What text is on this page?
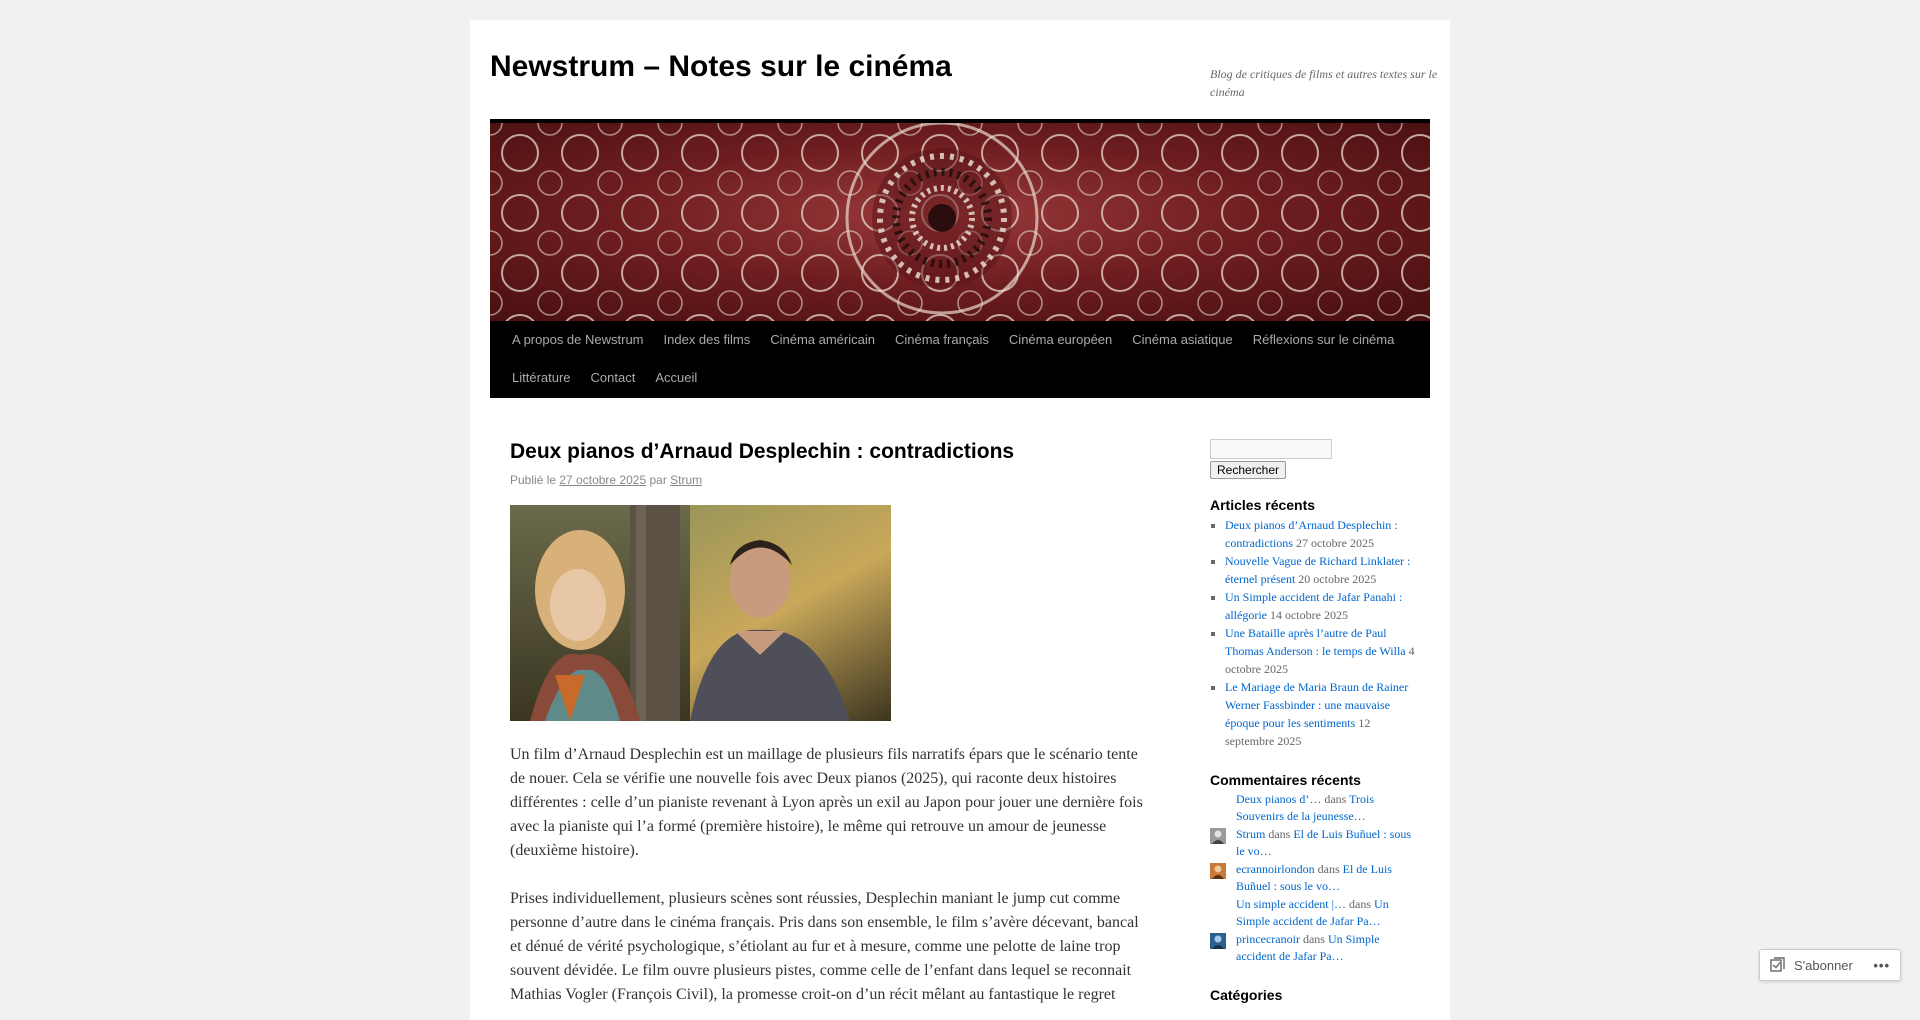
Newstrum – Notes sur le cinéma	Blog de critiques de films et autres textes sur le cinéma
A propos de Newstrum	Index des films	Cinéma américain	Cinéma français	Cinéma européen	Cinéma asiatique	Réflexions sur le cinéma
Littérature	Contact	Accueil
Deux pianos d’Arnaud Desplechin : contradictions
Publié le 27 octobre 2025 par Strum

Un film d’Arnaud Desplechin est un maillage de plusieurs fils narratifs épars que le scénario tente de nouer. Cela se vérifie une nouvelle fois avec Deux pianos (2025), qui raconte deux histoires différentes : celle d’un pianiste revenant à Lyon après un exil au Japon pour jouer une dernière fois avec la pianiste qui l’a formé (première histoire), le même qui retrouve un amour de jeunesse (deuxième histoire).

Prises individuellement, plusieurs scènes sont réussies, Desplechin maniant le jump cut comme personne d’autre dans le cinéma français. Pris dans son ensemble, le film s’avère décevant, bancal et dénué de vérité psychologique, s’étiolant au fur et à mesure, comme une pelotte de laine trop souvent dévidée. Le film ouvre plusieurs pistes, comme celle de l’enfant dans lequel se reconnait Mathias Vogler (François Civil), la promesse croit-on d’un récit mêlant au fantastique le regret

Rechercher
Articles récents
▪ Deux pianos d’Arnaud Desplechin : contradictions 27 octobre 2025
▪ Nouvelle Vague de Richard Linklater : éternel présent 20 octobre 2025
▪ Un Simple accident de Jafar Panahi : allégorie 14 octobre 2025
▪ Une Bataille après l’autre de Paul Thomas Anderson : le temps de Willa 4 octobre 2025
▪ Le Mariage de Maria Braun de Rainer Werner Fassbinder : une mauvaise époque pour les sentiments 12 septembre 2025
Commentaires récents
Deux pianos d’… dans Trois Souvenirs de la jeunesse…
Strum dans El de Luis Buñuel : sous le vo…
ecrannoirlondon dans El de Luis Buñuel : sous le vo…
Un simple accident |… dans Un Simple accident de Jafar Pa…
princecranoir dans Un Simple accident de Jafar Pa…
Catégories
S'abonner •••
